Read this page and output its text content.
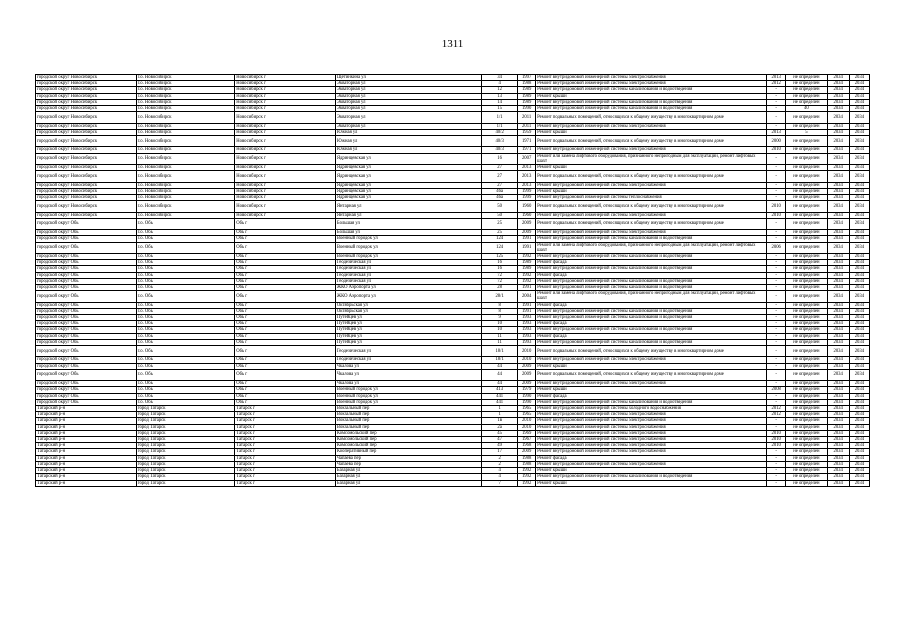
1311
городской округ Новосибирск	г.о. Новосибирск	Новосибирск г	Щетинкина ул	34	1997	Ремонт внутридомовой инженерной системы электроснабжения	2013	не определен	2034	2034
городской округ Новосибирск	г.о. Новосибирск	Новосибирск г	Экваторная ул	4	1988	Ремонт внутридомовой инженерной системы электроснабжения	2012	не определен	2034	2034
городской округ Новосибирск	г.о. Новосибирск	Новосибирск г	Экваторная ул	12	1989	Ремонт внутридомовой инженерной системы канализования и водоотведения	-	не определен	2034	2034
городской округ Новосибирск	г.о. Новосибирск	Новосибирск г	Экваторная ул	13	1989	Ремонт крыши	-	не определен	2034	2034
городской округ Новосибирск	г.о. Новосибирск	Новосибирск г	Экваторная ул	14	1989	Ремонт внутридомовой инженерной системы канализования и водоотведения	-	не определен	2034	2034
городской округ Новосибирск	г.о. Новосибирск	Новосибирск г	Экваторная ул	15	1990	Ремонт внутридомовой инженерной системы канализования и водоотведения	-	40	2034	2034
городской округ Новосибирск	г.о. Новосибирск	Новосибирск г	Экваторная ул	1/1	2011	Ремонт подвальных помещений, относящихся к общему имуществу в многоквартирном доме	-	не определен	2034	2034
городской округ Новосибирск	г.о. Новосибирск	Новосибирск г	Экваторная ул	1/1	2011	Ремонт внутридомовой инженерной системы электроснабжения	-	не определен	2034	2034
городской округ Новосибирск	г.о. Новосибирск	Новосибирск г	Южная ул	40/2	1959	Ремонт крыши	2013	5	2034	2034
городской округ Новосибирск	г.о. Новосибирск	Новосибирск г	Южная ул	40/3	1971	Ремонт подвальных помещений, относящихся к общему имуществу в многоквартирном доме	2000	не определен	2034	2034
городской округ Новосибирск	г.о. Новосибирск	Новосибирск г	Южная ул	40/3	1971	Ремонт внутридомовой инженерной системы электроснабжения	2010	не определен	2034	2034
городской округ Новосибирск	г.о. Новосибирск	Новосибирск г	Ядринцевская ул	16	2007	Ремонт или замена лифтового оборудования, признанного непригодным для эксплуатации, ремонт лифтовых шахт	-	не определен	2034	2034
городской округ Новосибирск	г.о. Новосибирск	Новосибирск г	Ядринцевская ул	27	2013	Ремонт крыши	-	не определен	2034	2034
городской округ Новосибирск	г.о. Новосибирск	Новосибирск г	Ядринцевская ул	27	2013	Ремонт подвальных помещений, относящихся к общему имуществу в многоквартирном доме	-	не определен	2034	2034
городской округ Новосибирск	г.о. Новосибирск	Новосибирск г	Ядринцевская ул	27	2013	Ремонт внутридомовой инженерной системы электроснабжения	-	не определен	2034	2034
городской округ Новосибирск	г.о. Новосибирск	Новосибирск г	Ядринцевская ул	46а	1999	Ремонт крыши	-	не определен	2034	2034
городской округ Новосибирск	г.о. Новосибирск	Новосибирск г	Ядринцевская ул	46а	1999	Ремонт внутридомовой инженерной системы теплоснабжения	-	не определен	2034	2034
городской округ Новосибирск	г.о. Новосибирск	Новосибирск г	Янтарная ул	50	1960	Ремонт подвальных помещений, относящихся к общему имуществу в многоквартирном доме	2010	не определен	2034	2034
городской округ Новосибирск	г.о. Новосибирск	Новосибирск г	Янтарная ул	50	1960	Ремонт внутридомовой инженерной системы электроснабжения	2010	не определен	2034	2034
городской округ Обь	г.о. Обь	Обь г	Большая ул	25	2009	Ремонт подвальных помещений, относящихся к общему имуществу в многоквартирном доме	-	не определен	2034	2034
городской округ Обь	г.о. Обь	Обь г	Большая ул	25	2009	Ремонт внутридомовой инженерной системы электроснабжения	-	не определен	2034	2034
городской округ Обь	г.о. Обь	Обь г	Военный городок ул	124	1991	Ремонт внутридомовой инженерной системы канализования и водоотведения	-	не определен	2034	2034
городской округ Обь	г.о. Обь	Обь г	Военный городок ул	124	1991	Ремонт или замена лифтового оборудования, признанного непригодным для эксплуатации, ремонт лифтовых шахт	2006	не определен	2034	2034
городской округ Обь	г.о. Обь	Обь г	Военный городок ул	125	1992	Ремонт внутридомовой инженерной системы канализования и водоотведения	-	не определен	2034	2034
городской округ Обь	г.о. Обь	Обь г	Геодезическая ул	16	1989	Ремонт фасада	-	не определен	2034	2034
городской округ Обь	г.о. Обь	Обь г	Геодезическая ул	16	1989	Ремонт внутридомовой инженерной системы канализования и водоотведения	-	не определен	2034	2034
городской округ Обь	г.о. Обь	Обь г	Геодезическая ул	72	1992	Ремонт фасада	-	не определен	2034	2034
городской округ Обь	г.о. Обь	Обь г	Геодезическая ул	72	1992	Ремонт внутридомовой инженерной системы канализования и водоотведения	-	не определен	2034	2034
городской округ Обь	г.о. Обь	Обь г	ЖКО Аэропорта ул	28	1991	Ремонт внутридомовой инженерной системы канализования и водоотведения	-	не определен	2034	2034
городской округ Обь	г.о. Обь	Обь г	ЖКО Аэропорта ул	28/1	2004	Ремонт или замена лифтового оборудования, признанного непригодным для эксплуатации, ремонт лифтовых шахт	-	не определен	2034	2034
городской округ Обь	г.о. Обь	Обь г	Октябрьская ул	8	1991	Ремонт фасада	-	не определен	2034	2034
городской округ Обь	г.о. Обь	Обь г	Октябрьская ул	8	1991	Ремонт внутридомовой инженерной системы канализования и водоотведения	-	не определен	2034	2034
городской округ Обь	г.о. Обь	Обь г	Путейцев ул	9	1993	Ремонт внутридомовой инженерной системы канализования и водоотведения	-	не определен	2034	2034
городской округ Обь	г.о. Обь	Обь г	Путейцев ул	10	1993	Ремонт фасада	-	не определен	2034	2034
городской округ Обь	г.о. Обь	Обь г	Путейцев ул	10	1993	Ремонт внутридомовой инженерной системы канализования и водоотведения	-	не определен	2034	2034
городской округ Обь	г.о. Обь	Обь г	Путейцев ул	11	1993	Ремонт фасада	-	не определен	2034	2034
городской округ Обь	г.о. Обь	Обь г	Путейцев ул	11	1993	Ремонт внутридомовой инженерной системы канализования и водоотведения	-	не определен	2034	2034
городской округ Обь	г.о. Обь	Обь г	Геодезическая ул	18/1	2010	Ремонт подвальных помещений, относящихся к общему имуществу в многоквартирном доме	-	не определен	2034	2034
городской округ Обь	г.о. Обь	Обь г	Геодезическая ул	18/1	2010	Ремонт внутридомовой инженерной системы электроснабжения	-	не определен	2034	2034
городской округ Обь	г.о. Обь	Обь г	Чкалова ул	44	2009	Ремонт крыши	-	не определен	2034	2034
городской округ Обь	г.о. Обь	Обь г	Чкалова ул	44	2009	Ремонт подвальных помещений, относящихся к общему имуществу в многоквартирном доме	-	не определен	2034	2034
городской округ Обь	г.о. Обь	Обь г	Чкалова ул	44	2009	Ремонт внутридомовой инженерной системы электроснабжения	-	не определен	2034	2034
городской округ Обь	г.о. Обь	Обь г	Военный городок ул	413	1979	Ремонт крыши	2008	не определен	2034	2034
городской округ Обь	г.о. Обь	Обь г	Военный городок ул	441	1990	Ремонт фасада	-	не определен	2034	2034
городской округ Обь	г.о. Обь	Обь г	Военный городок ул	441	1990	Ремонт внутридомовой инженерной системы канализования и водоотведения	-	не определен	2034	2034
Татарский р-н	город Татарск	Татарск г	Вокзальный пер	1	1965	Ремонт внутридомовой инженерной системы холодного водоснабжения	2012	не определен	2034	2034
Татарский р-н	город Татарск	Татарск г	Вокзальный пер	1	1965	Ремонт внутридомовой инженерной системы электроснабжения	2012	не определен	2034	2034
Татарский р-н	город Татарск	Татарск г	Вокзальный пер	1в	2010	Ремонт внутридомовой инженерной системы электроснабжения	-	не определен	2034	2034
Татарский р-н	город Татарск	Татарск г	Вокзальный пер	2а	2010	Ремонт внутридомовой инженерной системы электроснабжения	-	не определен	2034	2034
Татарский р-н	город Татарск	Татарск г	Комсомольский пер	45	1969	Ремонт внутридомовой инженерной системы электроснабжения	2010	не определен	2034	2034
Татарский р-н	город Татарск	Татарск г	Комсомольский пер	47	1967	Ремонт внутридомовой инженерной системы электроснабжения	2010	не определен	2034	2034
Татарский р-н	город Татарск	Татарск г	Комсомольский пер	49	1968	Ремонт внутридомовой инженерной системы электроснабжения	2010	не определен	2034	2034
Татарский р-н	город Татарск	Татарск г	Кооперативный пер	17	2009	Ремонт внутридомовой инженерной системы электроснабжения	-	не определен	2034	2034
Татарский р-н	город Татарск	Татарск г	Чапаева пер	2	1988	Ремонт фасада	-	не определен	2034	2034
Татарский р-н	город Татарск	Татарск г	Чапаева пер	2	1988	Ремонт внутридомовой инженерной системы электроснабжения	-	не определен	2034	2034
Татарский р-н	город Татарск	Татарск г	Базарная ул	4	1992	Ремонт крыши	-	не определен	2034	2034
Татарский р-н	город Татарск	Татарск г	Базарная ул	4	1992	Ремонт внутридомовой инженерной системы канализования и водоотведения	-	не определен	2034	2034
Татарский р-н	город Татарск	Татарск г	Базарная ул	7	1992	Ремонт крыши	-	не определен	2034	2034
